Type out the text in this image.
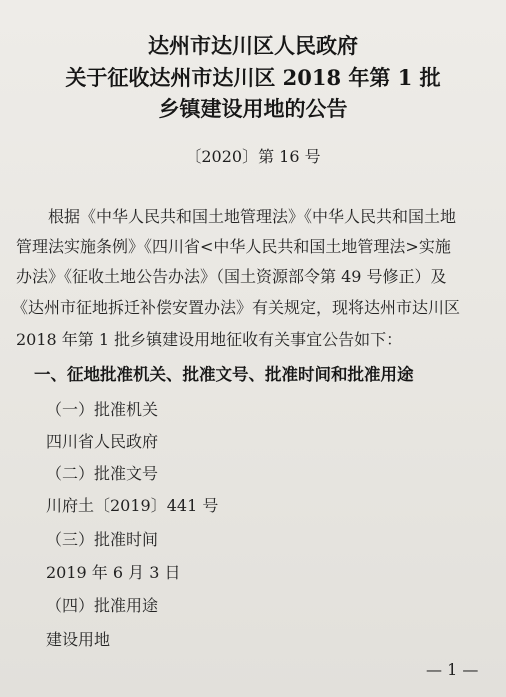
达州市达川区人民政府
关于征收达州市达川区 2018 年第 1 批
乡镇建设用地的公告
〔2020〕第 16 号
根据《中华人民共和国土地管理法》《中华人民共和国土地
管理法实施条例》《四川省<中华人民共和国土地管理法>实施
办法》《征收土地公告办法》（国土资源部令第 49 号修正）及
《达州市征地拆迁补偿安置办法》有关规定，现将达州市达川区
2018 年第 1 批乡镇建设用地征收有关事宜公告如下：
一、征地批准机关、批准文号、批准时间和批准用途
（一）批准机关
四川省人民政府
（二）批准文号
川府土〔2019〕441 号
（三）批准时间
2019 年 6 月 3 日
（四）批准用途
建设用地
— 1 —
